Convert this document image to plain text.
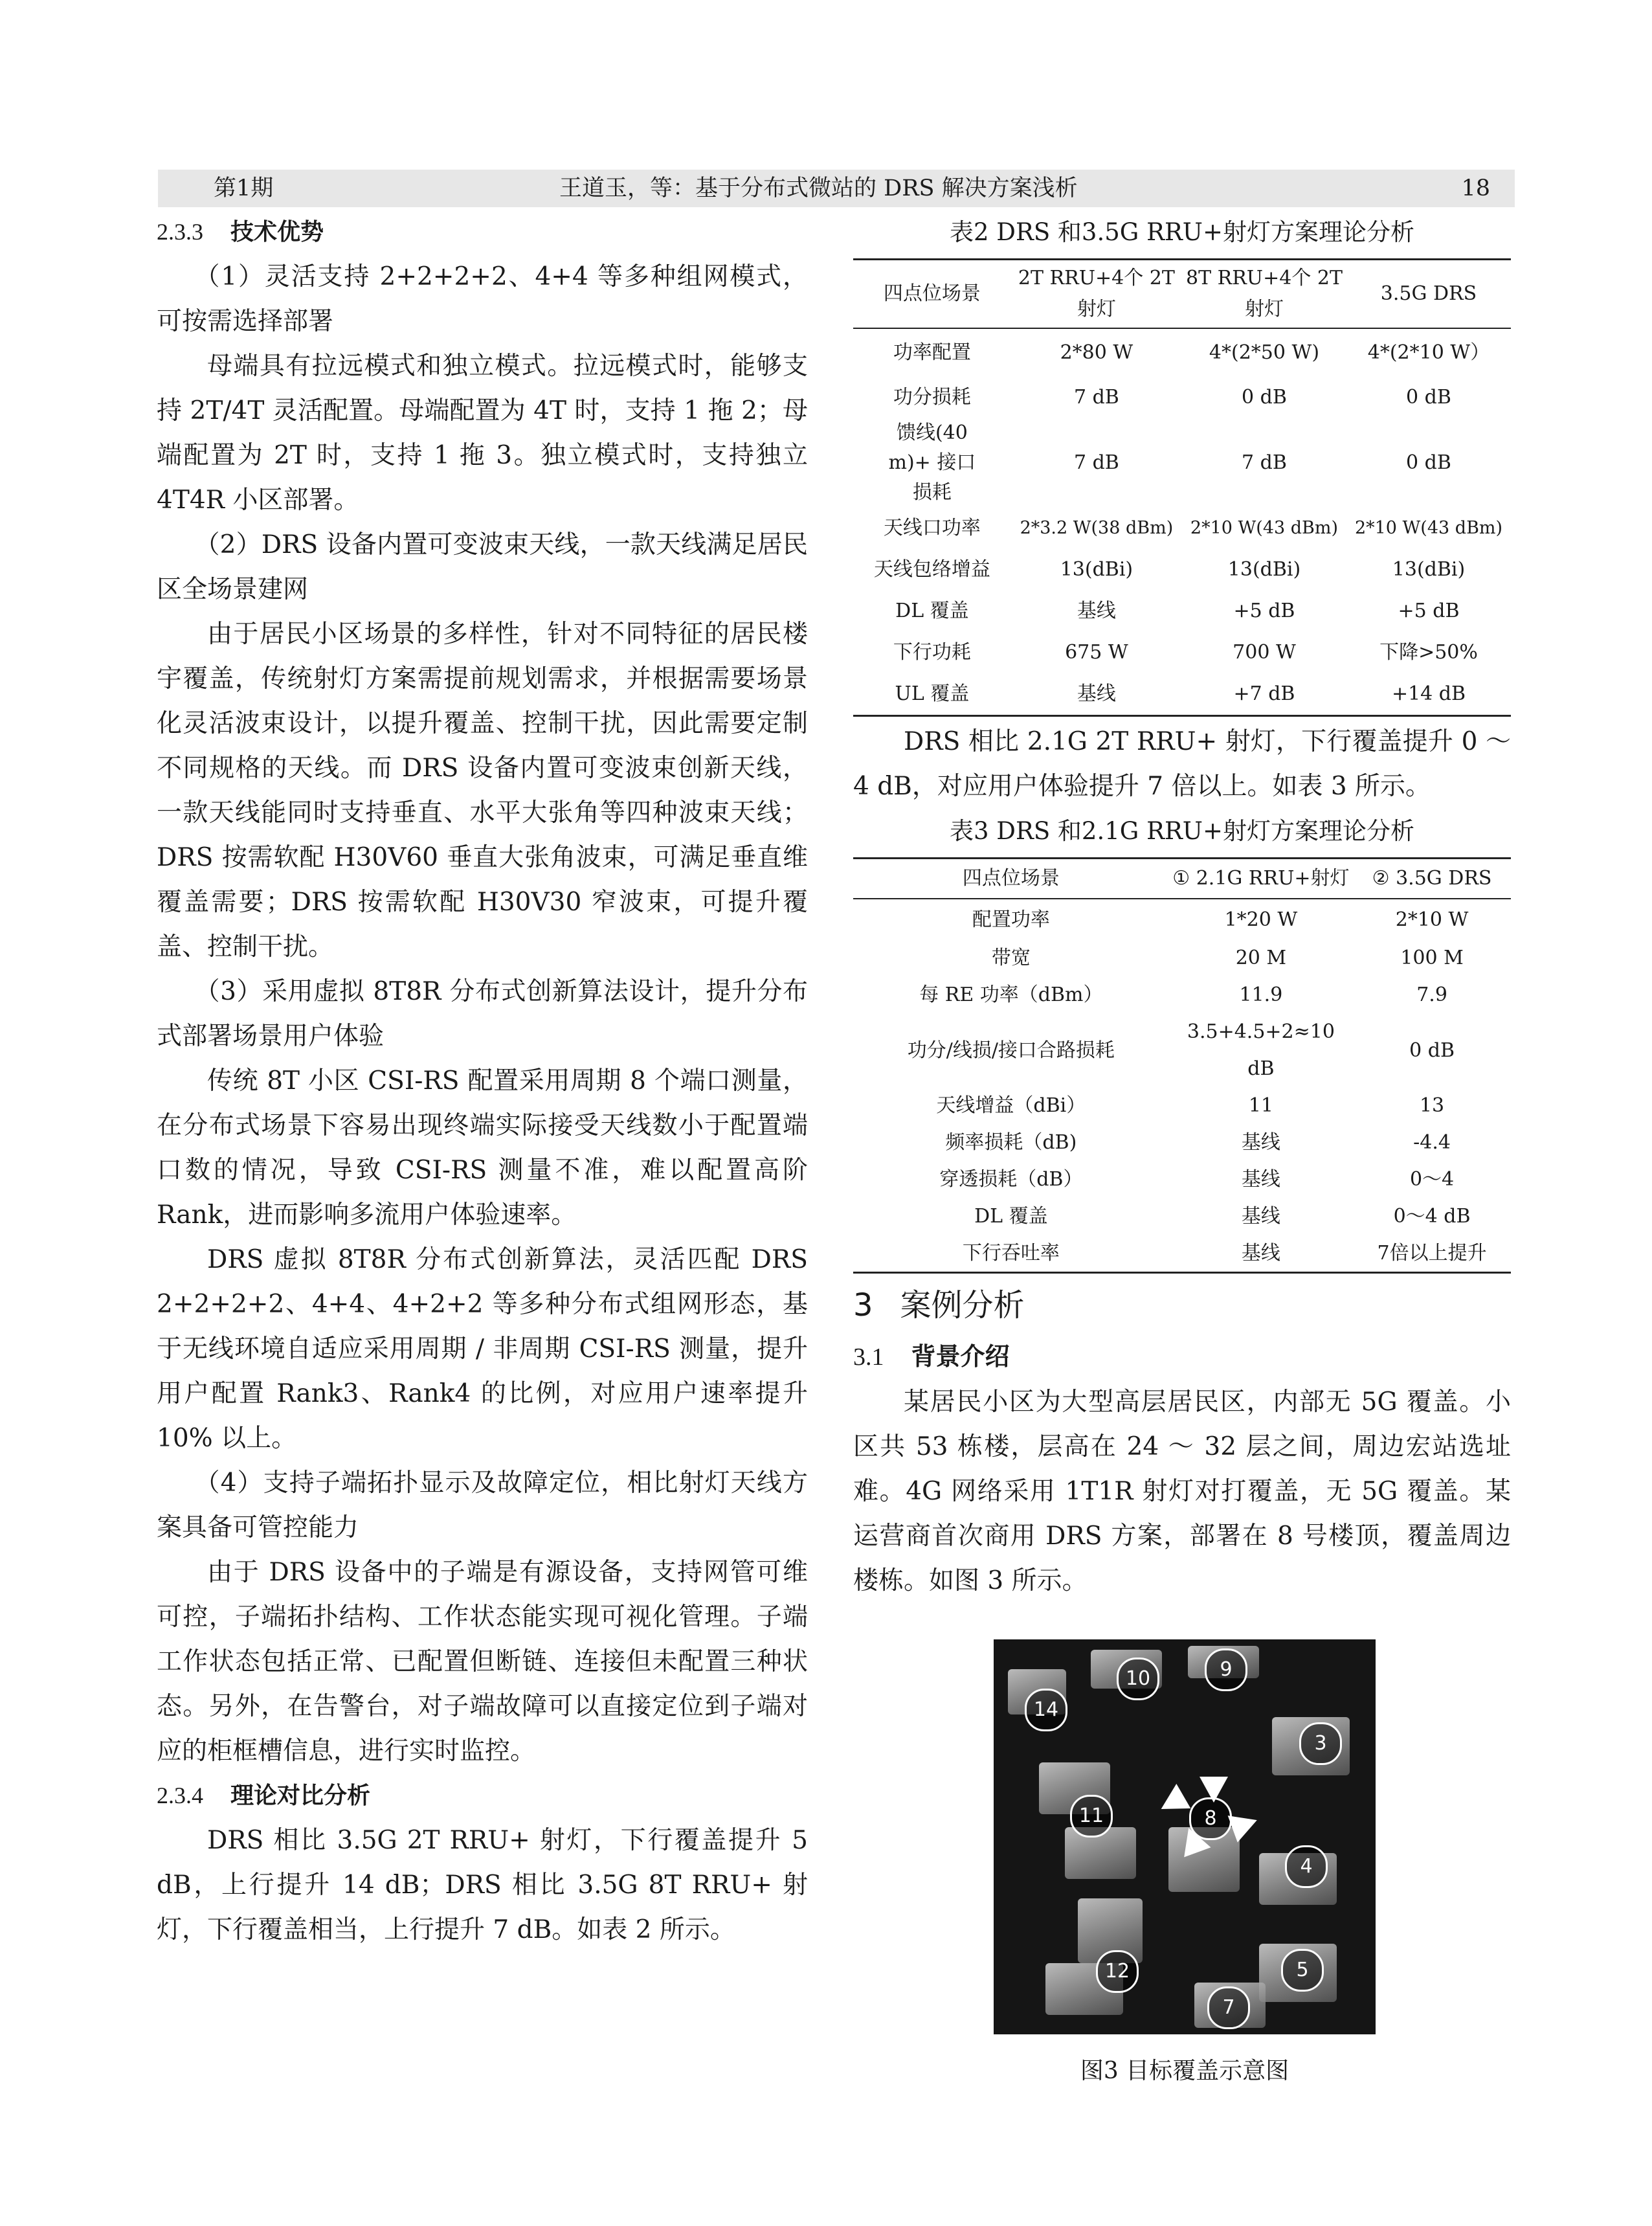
第1期	王道玉，等：基于分布式微站的 DRS 解决方案浅析	18

2.3.3 技术优势

（1）灵活支持 2+2+2+2、4+4 等多种组网模式，可按需选择部署

母端具有拉远模式和独立模式。拉远模式时，能够支持 2T/4T 灵活配置。母端配置为 4T 时，支持 1 拖 2；母端配置为 2T 时，支持 1 拖 3。独立模式时，支持独立 4T4R 小区部署。

（2）DRS 设备内置可变波束天线，一款天线满足居民区全场景建网

由于居民小区场景的多样性，针对不同特征的居民楼宇覆盖，传统射灯方案需提前规划需求，并根据需要场景化灵活波束设计，以提升覆盖、控制干扰，因此需要定制不同规格的天线。而 DRS 设备内置可变波束创新天线，一款天线能同时支持垂直、水平大张角等四种波束天线；DRS 按需软配 H30V60 垂直大张角波束，可满足垂直维覆盖需要；DRS 按需软配 H30V30 窄波束，可提升覆盖、控制干扰。

（3）采用虚拟 8T8R 分布式创新算法设计，提升分布式部署场景用户体验

传统 8T 小区 CSI-RS 配置采用周期 8 个端口测量，在分布式场景下容易出现终端实际接受天线数小于配置端口数的情况，导致 CSI-RS 测量不准，难以配置高阶 Rank，进而影响多流用户体验速率。

DRS 虚拟 8T8R 分布式创新算法，灵活匹配 DRS 2+2+2+2、4+4、4+2+2 等多种分布式组网形态，基于无线环境自适应采用周期 / 非周期 CSI-RS 测量，提升用户配置 Rank3、Rank4 的比例，对应用户速率提升 10% 以上。

（4）支持子端拓扑显示及故障定位，相比射灯天线方案具备可管控能力

由于 DRS 设备中的子端是有源设备，支持网管可维可控，子端拓扑结构、工作状态能实现可视化管理。子端工作状态包括正常、已配置但断链、连接但未配置三种状态。另外，在告警台，对子端故障可以直接定位到子端对应的柜框槽信息，进行实时监控。

2.3.4 理论对比分析

DRS 相比 3.5G 2T RRU+ 射灯，下行覆盖提升 5 dB，上行提升 14 dB；DRS 相比 3.5G 8T RRU+ 射灯，下行覆盖相当，上行提升 7 dB。如表 2 所示。

表2 DRS 和3.5G RRU+射灯方案理论分析

四点位场景	2T RRU+4个 2T射灯	8T RRU+4个 2T射灯	3.5G DRS
功率配置	2*80 W	4*(2*50 W)	4*(2*10 W）
功分损耗	7 dB	0 dB	0 dB
馈线(40 m)+ 接口损耗	7 dB	7 dB	0 dB
天线口功率	2*3.2 W(38 dBm)	2*10 W(43 dBm)	2*10 W(43 dBm)
天线包络增益	13(dBi)	13(dBi)	13(dBi)
DL 覆盖	基线	+5 dB	+5 dB
下行功耗	675 W	700 W	下降>50%
UL 覆盖	基线	+7 dB	+14 dB

DRS 相比 2.1G 2T RRU+ 射灯，下行覆盖提升 0 ～ 4 dB，对应用户体验提升 7 倍以上。如表 3 所示。

表3 DRS 和2.1G RRU+射灯方案理论分析

四点位场景	① 2.1G RRU+射灯	② 3.5G DRS
配置功率	1*20 W	2*10 W
带宽	20 M	100 M
每 RE 功率（dBm）	11.9	7.9
功分/线损/接口合路损耗	3.5+4.5+2≈10 dB	0 dB
天线增益（dBi）	11	13
频率损耗（dB)	基线	-4.4
穿透损耗（dB）	基线	0～4
DL 覆盖	基线	0～4 dB
下行吞吐率	基线	7倍以上提升

3 案例分析

3.1 背景介绍

某居民小区为大型高层居民区，内部无 5G 覆盖。小区共 53 栋楼，层高在 24 ～ 32 层之间，周边宏站选址难。4G 网络采用 1T1R 射灯对打覆盖，无 5G 覆盖。某运营商首次商用 DRS 方案，部署在 8 号楼顶，覆盖周边楼栋。如图 3 所示。

14
10	9
3
11	8
4
12	5
7
图3 目标覆盖示意图
